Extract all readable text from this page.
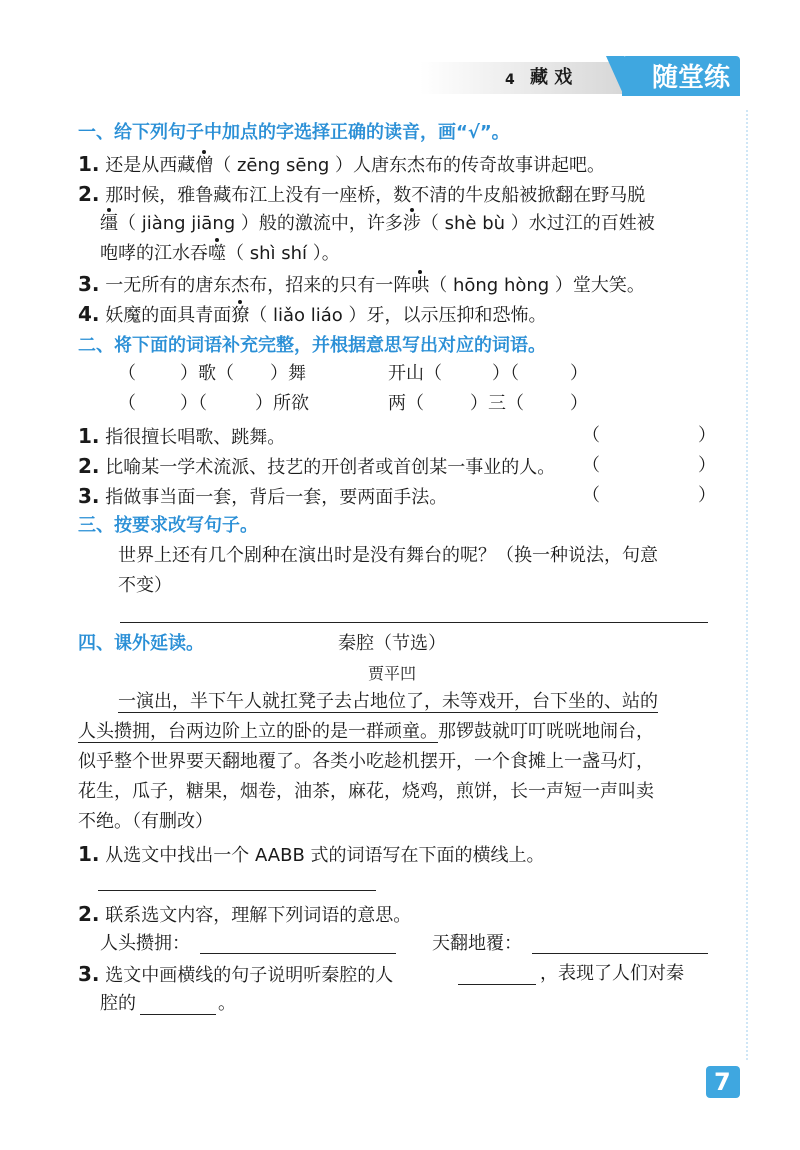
4 藏 戏	随堂练
一、给下列句子中加点的字选择正确的读音，画“√”。
1. 还是从西藏僧（ zēng sēng ）人唐东杰布的传奇故事讲起吧。
2. 那时候，雅鲁藏布江上没有一座桥，数不清的牛皮船被掀翻在野马脱
缰（ jiàng jiāng ）般的激流中，许多涉（ shè bù ）水过江的百姓被
咆哮的江水吞噬（ shì shí ）。
3. 一无所有的唐东杰布，招来的只有一阵哄（ hōng hòng ）堂大笑。
4. 妖魔的面具青面獠（ liǎo liáo ）牙，以示压抑和恐怖。
二、将下面的词语补充完整，并根据意思写出对应的词语。
（ ）歌（ ）舞	开山（	）（	）
（ ）（	）所欲	两（	）三（	）
1. 指很擅长唱歌、跳舞。	（	）
2. 比喻某一学术流派、技艺的开创者或首创某一事业的人。 （	）
3. 指做事当面一套，背后一套，要两面手法。	（	）
三、按要求改写句子。
世界上还有几个剧种在演出时是没有舞台的呢？（换一种说法，句意
不变）
四、课外延读。	秦腔（节选）
贾平凹
一演出，半下午人就扛凳子去占地位了，未等戏开，台下坐的、站的
人头攒拥，台两边阶上立的卧的是一群顽童。那锣鼓就叮叮咣咣地闹台，
似乎整个世界要天翻地覆了。各类小吃趁机摆开，一个食摊上一盏马灯，
花生，瓜子，糖果，烟卷，油茶，麻花，烧鸡，煎饼，长一声短一声叫卖
不绝。（有删改）
1. 从选文中找出一个 AABB 式的词语写在下面的横线上。
2. 联系选文内容，理解下列词语的意思。
人头攒拥：	天翻地覆：
3. 选文中画横线的句子说明听秦腔的人	，表现了人们对秦
腔的	。
7
